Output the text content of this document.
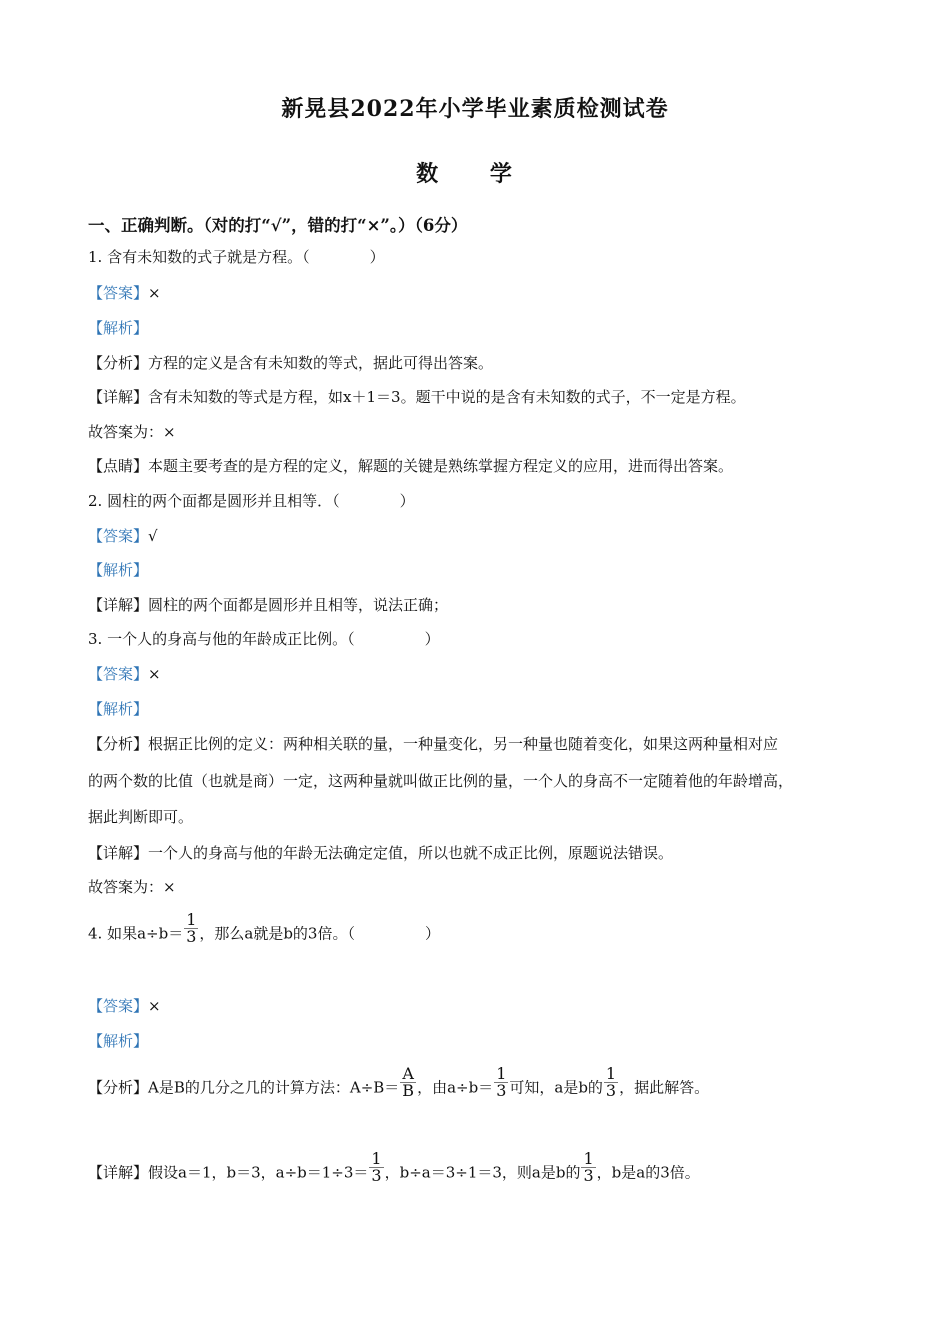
新晃县2022年小学毕业素质检测试卷
数 学
一、正确判断。（对的打“√”，错的打“×”。）（6分）
1. 含有未知数的式子就是方程。（	）
【答案】×
【解析】
【分析】方程的定义是含有未知数的等式，据此可得出答案。
【详解】含有未知数的等式是方程，如x＋1＝3。题干中说的是含有未知数的式子，不一定是方程。
故答案为：×
【点睛】本题主要考查的是方程的定义，解题的关键是熟练掌握方程定义的应用，进而得出答案。
2. 圆柱的两个面都是圆形并且相等．（	）
【答案】√
【解析】
【详解】圆柱的两个面都是圆形并且相等，说法正确；
3. 一个人的身高与他的年龄成正比例。（	）
【答案】×
【解析】
【分析】根据正比例的定义：两种相关联的量，一种量变化，另一种量也随着变化，如果这两种量相对应
的两个数的比值（也就是商）一定，这两种量就叫做正比例的量，一个人的身高不一定随着他的年龄增高，
据此判断即可。
【详解】一个人的身高与他的年龄无法确定定值，所以也就不成正比例，原题说法错误。
故答案为：×
4. 如果$a\div b= \frac{1}{3}$ ，那么a就是b的3倍。（	）
【答案】×
【解析】
【分析】A是B的几分之几的计算方法：$A\div B= \frac{A}{B}$ ，由$a\div b= \frac{1}{3}$ 可知，a是b的 $\frac{1}{3}$ ，据此解答。
【详解】假设a＝1，b＝3，$a\div b=1\div 3= \frac{1}{3}$ ，b÷a＝3÷1＝3，则a是b的 $\frac{1}{3}$ ，b是a的3倍。
